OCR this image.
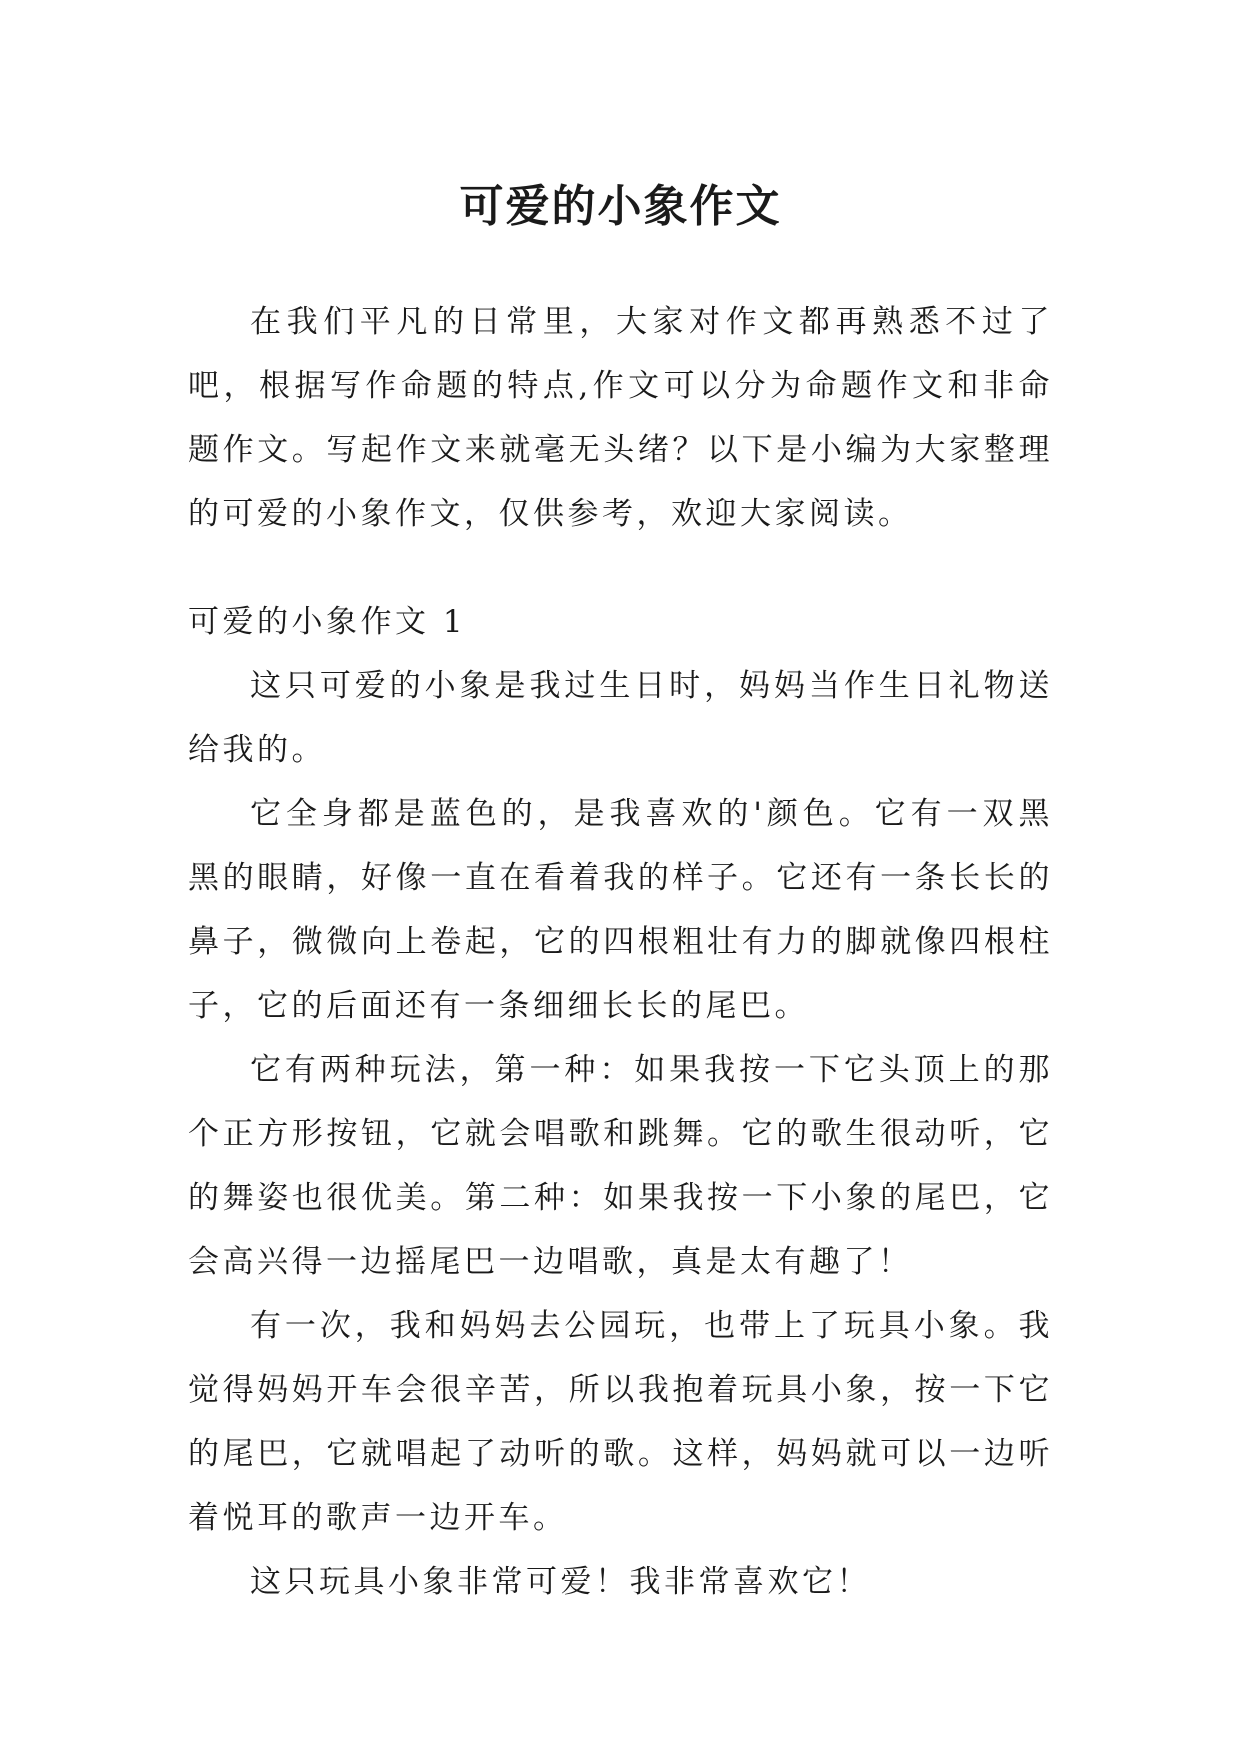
可爱的小象作文

在我们平凡的日常里，大家对作文都再熟悉不过了吧，根据写作命题的特点,作文可以分为命题作文和非命题作文。写起作文来就毫无头绪？以下是小编为大家整理的可爱的小象作文，仅供参考，欢迎大家阅读。

可爱的小象作文 1

这只可爱的小象是我过生日时，妈妈当作生日礼物送给我的。

它全身都是蓝色的，是我喜欢的'颜色。它有一双黑黑的眼睛，好像一直在看着我的样子。它还有一条长长的鼻子，微微向上卷起，它的四根粗壮有力的脚就像四根柱子，它的后面还有一条细细长长的尾巴。

它有两种玩法，第一种：如果我按一下它头顶上的那个正方形按钮，它就会唱歌和跳舞。它的歌生很动听，它的舞姿也很优美。第二种：如果我按一下小象的尾巴，它会高兴得一边摇尾巴一边唱歌，真是太有趣了！

有一次，我和妈妈去公园玩，也带上了玩具小象。我觉得妈妈开车会很辛苦，所以我抱着玩具小象，按一下它的尾巴，它就唱起了动听的歌。这样，妈妈就可以一边听着悦耳的歌声一边开车。

这只玩具小象非常可爱！我非常喜欢它！
